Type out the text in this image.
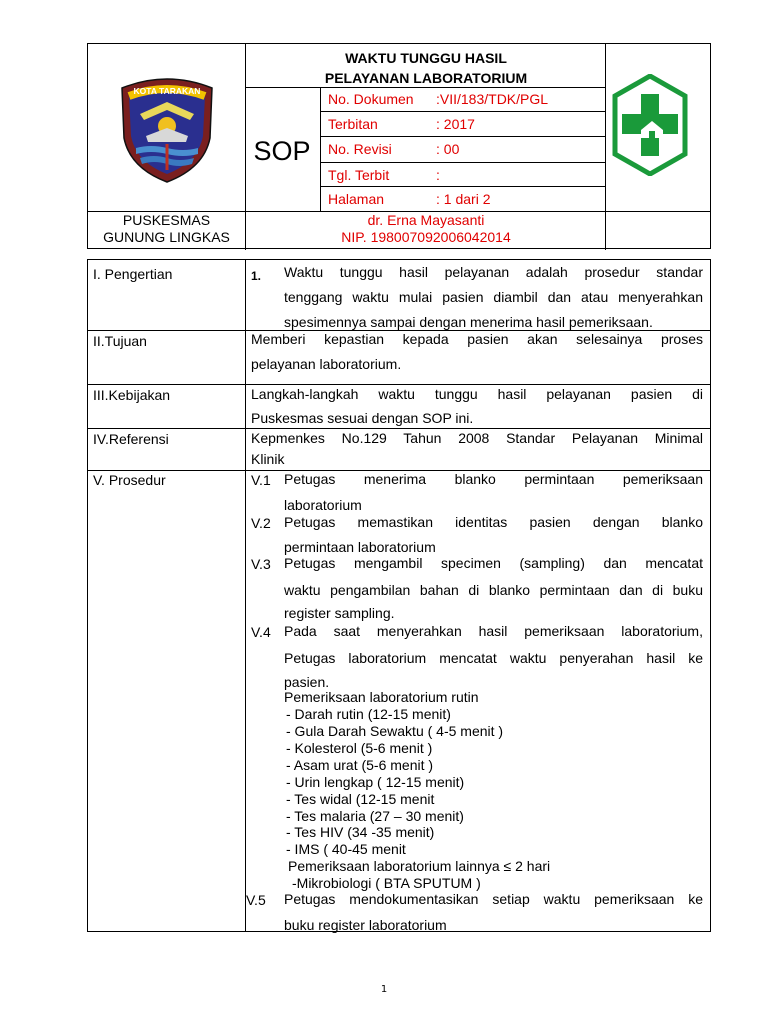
KOTA TARAKAN
WAKTU TUNGGU HASIL
PELAYANAN LABORATORIUM
SOP
No. Dokumen :VII/183/TDK/PGL
Terbitan	: 2017
No. Revisi	: 00
Tgl. Terbit	:
Halaman	: 1 dari 2
PUSKESMAS
GUNUNG LINGKAS
dr. Erna Mayasanti
NIP. 198007092006042014
I. Pengertian	1. Waktu tunggu hasil pelayanan adalah prosedur standar
tenggang waktu mulai pasien diambil dan atau menyerahkan
spesimennya sampai dengan menerima hasil pemeriksaan.
II.Tujuan	Memberi kepastian kepada pasien akan selesainya proses
pelayanan laboratorium.
III.Kebijakan	Langkah-langkah waktu tunggu hasil pelayanan pasien di
Puskesmas sesuai dengan SOP ini.
IV.Referensi	Kepmenkes No.129 Tahun 2008 Standar Pelayanan Minimal
Klinik
V. Prosedur	V.1 Petugas menerima blanko permintaan pemeriksaan
laboratorium
V.2 Petugas memastikan identitas pasien dengan blanko
permintaan laboratorium
V.3 Petugas mengambil specimen (sampling) dan mencatat
waktu pengambilan bahan di blanko permintaan dan di buku
register sampling.
V.4 Pada saat menyerahkan hasil pemeriksaan laboratorium,
Petugas laboratorium mencatat waktu penyerahan hasil ke
pasien.
Pemeriksaan laboratorium rutin
- Darah rutin (12-15 menit)
- Gula Darah Sewaktu ( 4-5 menit )
- Kolesterol (5-6 menit )
- Asam urat (5-6 menit )
- Urin lengkap ( 12-15 menit)
- Tes widal (12-15 menit
- Tes malaria (27 – 30 menit)
- Tes HIV (34 -35 menit)
- IMS ( 40-45 menit
Pemeriksaan laboratorium lainnya ≤ 2 hari
-Mikrobiologi ( BTA SPUTUM )
V.5 Petugas mendokumentasikan setiap waktu pemeriksaan ke
buku register laboratorium
1
